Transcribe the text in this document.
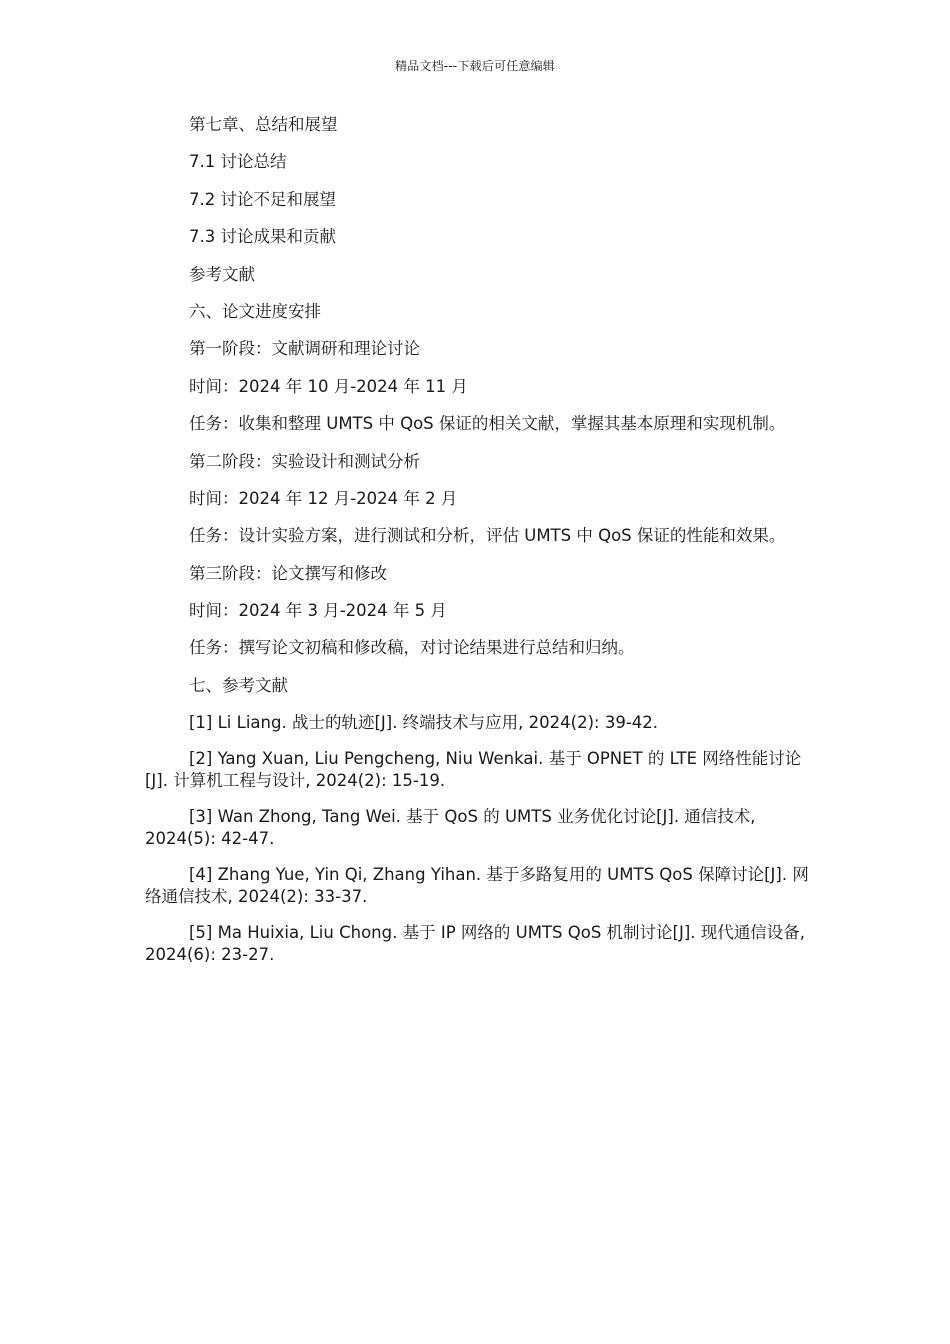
精品文档---下载后可任意编辑

第七章、总结和展望

7.1 讨论总结

7.2 讨论不足和展望

7.3 讨论成果和贡献

参考文献

六、论文进度安排

第一阶段：文献调研和理论讨论

时间：2024 年 10 月-2024 年 11 月

任务：收集和整理 UMTS 中 QoS 保证的相关文献，掌握其基本原理和实现机制。

第二阶段：实验设计和测试分析

时间：2024 年 12 月-2024 年 2 月

任务：设计实验方案，进行测试和分析，评估 UMTS 中 QoS 保证的性能和效果。

第三阶段：论文撰写和修改

时间：2024 年 3 月-2024 年 5 月

任务：撰写论文初稿和修改稿，对讨论结果进行总结和归纳。

七、参考文献

[1] Li Liang. 战士的轨迹[J]. 终端技术与应用, 2024(2): 39-42.

[2] Yang Xuan, Liu Pengcheng, Niu Wenkai. 基于 OPNET 的 LTE 网络性能讨论[J]. 计算机工程与设计, 2024(2): 15-19.

[3] Wan Zhong, Tang Wei. 基于 QoS 的 UMTS 业务优化讨论[J]. 通信技术, 2024(5): 42-47.

[4] Zhang Yue, Yin Qi, Zhang Yihan. 基于多路复用的 UMTS QoS 保障讨论[J]. 网络通信技术, 2024(2): 33-37.

[5] Ma Huixia, Liu Chong. 基于 IP 网络的 UMTS QoS 机制讨论[J]. 现代通信设备, 2024(6): 23-27.
